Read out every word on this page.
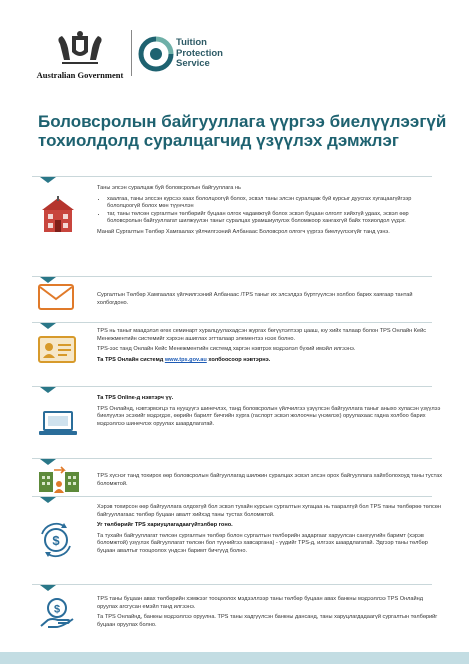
Australian Government
Tuition
Protection
Service
Боловсролын байгууллага үүргээ биелүүлээгүй тохиолдолд суралцагчид үзүүлэх дэмжлэг

Таны элсэн суралцаж буй боловсролын байгууллага нь

• хаалгаа, таны элссэн курсээ хаах бололцоогүй болох, эсвэл таны элсэн суралцаж буй курсыг дуусгах хугацаагүйгээр бололцоогүй болох мөн түүнчлэн
• таг, таны төлсөн сургалтын төлбөрийг буцаан олгох чадамжгүй болох эсвэл буцаан олголт хийхгүй удаах, эсвэл өөр боловсролын байгууллагат шилжүүлэн таныг суралцах урамшиулулэх боломжоор хангахгүй байх тохиолдол үүдэг.

Манай Сургалтын Төлбөр Хамгаалах үйлчилгээний Албанаас Боловсрол олгогч үүргээ биелүүлээгүйг танд үзнэ.

Сургалтын Төлбөр Хамгаалах үйлчилгээний Албанаас /TPS таныг их элсэлдээ бүртгүүлсэн холбоо барих хаягаар тантай холбогдоно.

TPS нь таныг маадэлэл өгөх семинарт хуралцуулахадсэн жургах бөгүүлэлтээр цааш, юу хийх талаар болон TPS Онлайн Кейс Менежментийн системийг хэрхэн ашиглах эгтталаар элементээ нээх болно.

TPS-ээс танд Онлайн Кейс Менежментийн системд харгэн нэвтрэх мэдээлэл бүхий имэйл илгээнэ.

Та TPS Онлайн системд www.tps.gov.au холбоосоор нэвтэрнэ.

Та TPS Online-д нэвтэрч үү.

TPS Онлайнд, нэвтэрмэгцэ та нууцүүгэ шинечлэх, танд боловсролын үйлчилгээ үзүүлсэн байгууллага таныг аныхо хуласэн үзүүлээ биелүүлэн эсэхийг мэдэгдэх, өөрийн барилт бичгийн хурга (гаслорт эсвэл жолоочны үнэмлэх) оруулахаас гадна холбоо барих мэдээллээ шинечлэх оруулах шаардлагатай.

TPS хүснэг танд тохирох өөр боловсролын байгууллагад шилжин суралцах эсвэл элсэн орох байгууллага хайхболохоуд таны тустах боломжтой.

$

Хэрэв тохирсон өөр байгууллага олдохгүй бол эсвэл тухайн курсын сургалтын хугацаа нь тааралгүй бол TPS таны төлбөрөө төлсөн байгууллагаас төлбөр буцаан авалт хийхэд таны тустах боломжтой.

Уг төлбөрийг TPS хариуцлагадаагүйтэлбөр гоно.

Та тухайн байгууллагат төлсөн сургалтын төлбөр болон сургалтын төлбөрийн задаргааг харуулсан санхүүгийн баримт (хэрэв боломжтой) үзүүлэх байгууллагат төлсөн бол түүнийгээ хавсаргана) - үүдийг TPS-д, илгээх шаардлагатай. Эдгээр таны төлбөр буцаан авалтыг тооцоолох үндсэн баримт бичгүүд болно.

$

TPS таны буцаан авах төлбөрийн хэмжээг тооцоолох мэдээллээр таны төлбөр буцаан авах банкны мэдээллээ TPS Онлайнд оруулах агсгусан емэйл танд илгээнэ.

Та TPS Онлайнд, банкны мэдээллээ оруулна. TPS таны хадгүүлсэн банкны дансанд, таны харуцлагдадаагүй сургалтын төлбөрийг буцаан оруулах болно.
